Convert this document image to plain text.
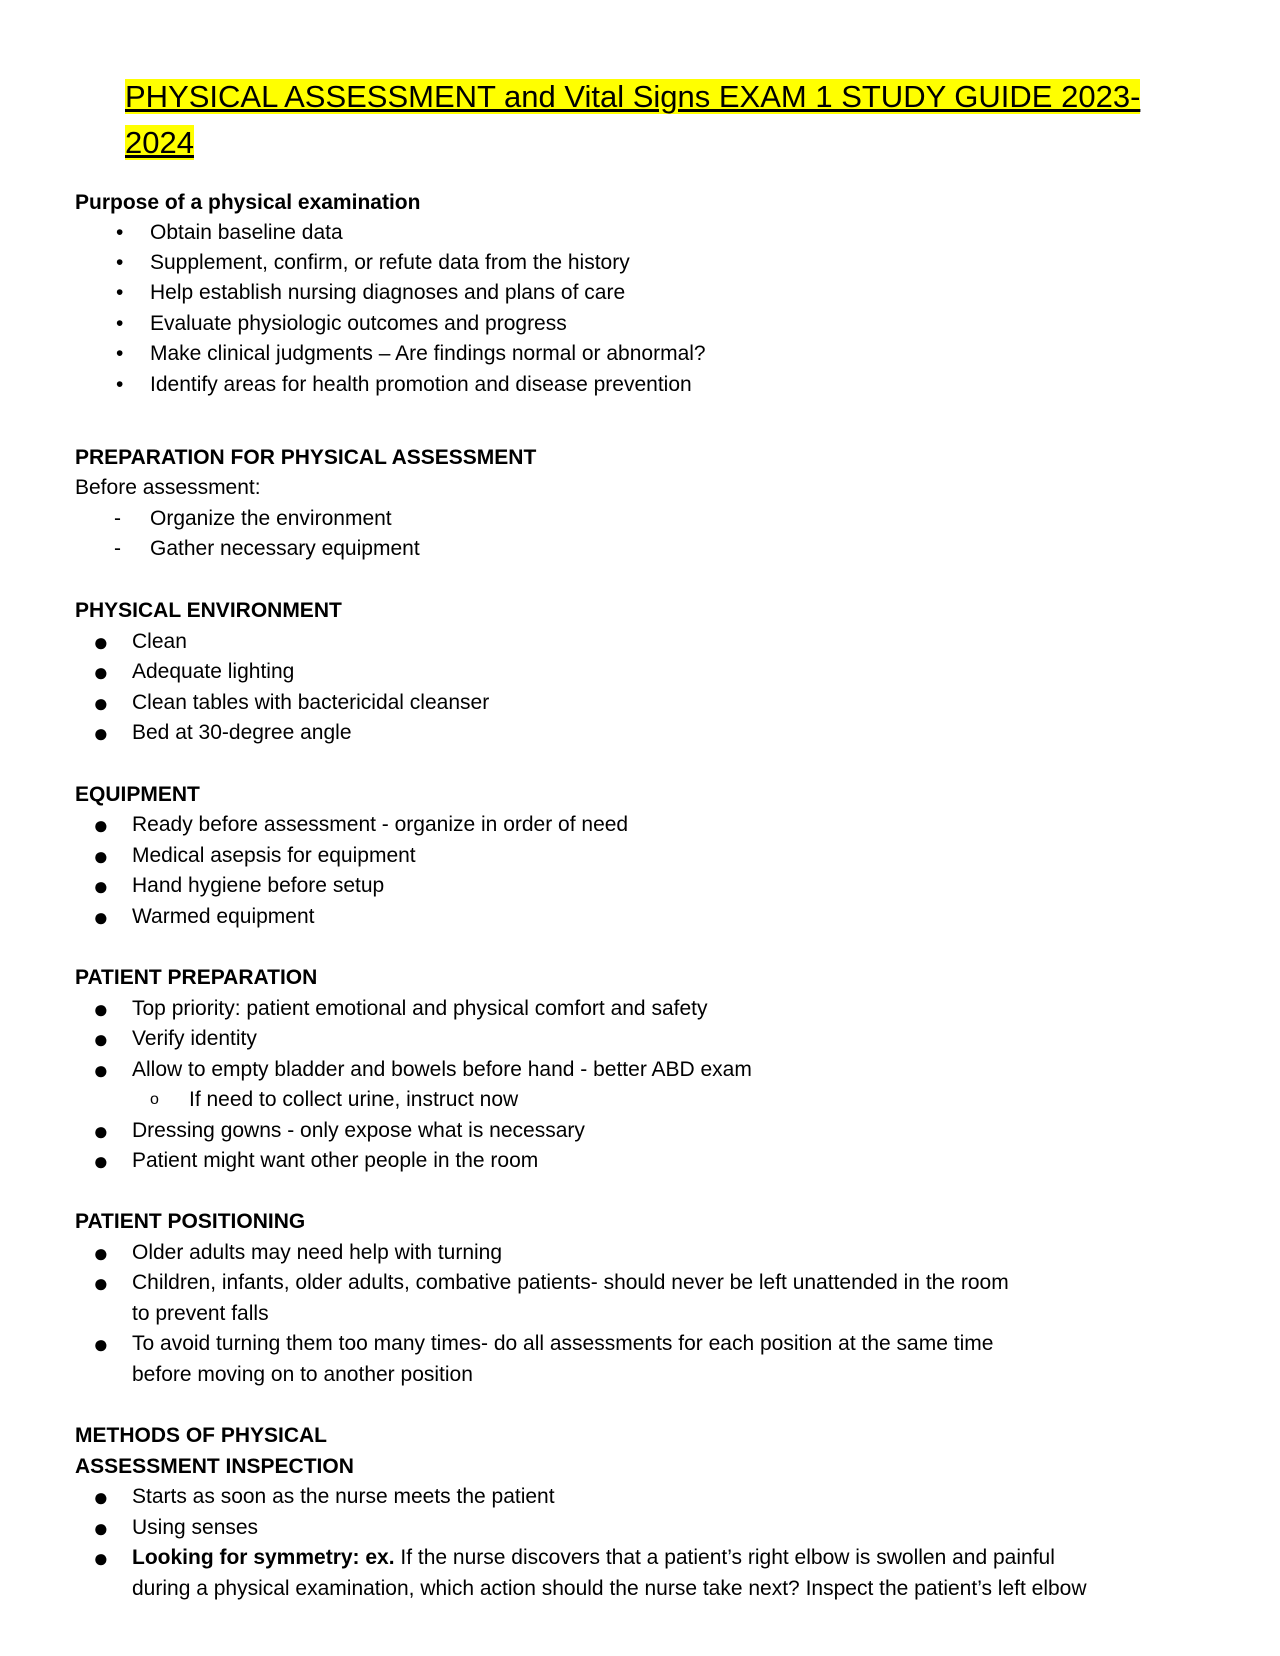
PHYSICAL ASSESSMENT and Vital Signs EXAM 1 STUDY GUIDE 2023-2024
Purpose of a physical examination
• Obtain baseline data
• Supplement, confirm, or refute data from the history
• Help establish nursing diagnoses and plans of care
• Evaluate physiologic outcomes and progress
• Make clinical judgments – Are findings normal or abnormal?
• Identify areas for health promotion and disease prevention
PREPARATION FOR PHYSICAL ASSESSMENT
Before assessment:
- Organize the environment
- Gather necessary equipment
PHYSICAL ENVIRONMENT
● Clean
● Adequate lighting
● Clean tables with bactericidal cleanser
● Bed at 30-degree angle
EQUIPMENT
● Ready before assessment - organize in order of need
● Medical asepsis for equipment
● Hand hygiene before setup
● Warmed equipment
PATIENT PREPARATION
● Top priority: patient emotional and physical comfort and safety
● Verify identity
● Allow to empty bladder and bowels before hand - better ABD exam
o If need to collect urine, instruct now
● Dressing gowns - only expose what is necessary
● Patient might want other people in the room
PATIENT POSITIONING
● Older adults may need help with turning
● Children, infants, older adults, combative patients- should never be left unattended in the room
to prevent falls
● To avoid turning them too many times- do all assessments for each position at the same time
before moving on to another position
METHODS OF PHYSICAL
ASSESSMENT INSPECTION
● Starts as soon as the nurse meets the patient
● Using senses
● Looking for symmetry: ex. If the nurse discovers that a patient’s right elbow is swollen and painful
during a physical examination, which action should the nurse take next? Inspect the patient’s left elbow
